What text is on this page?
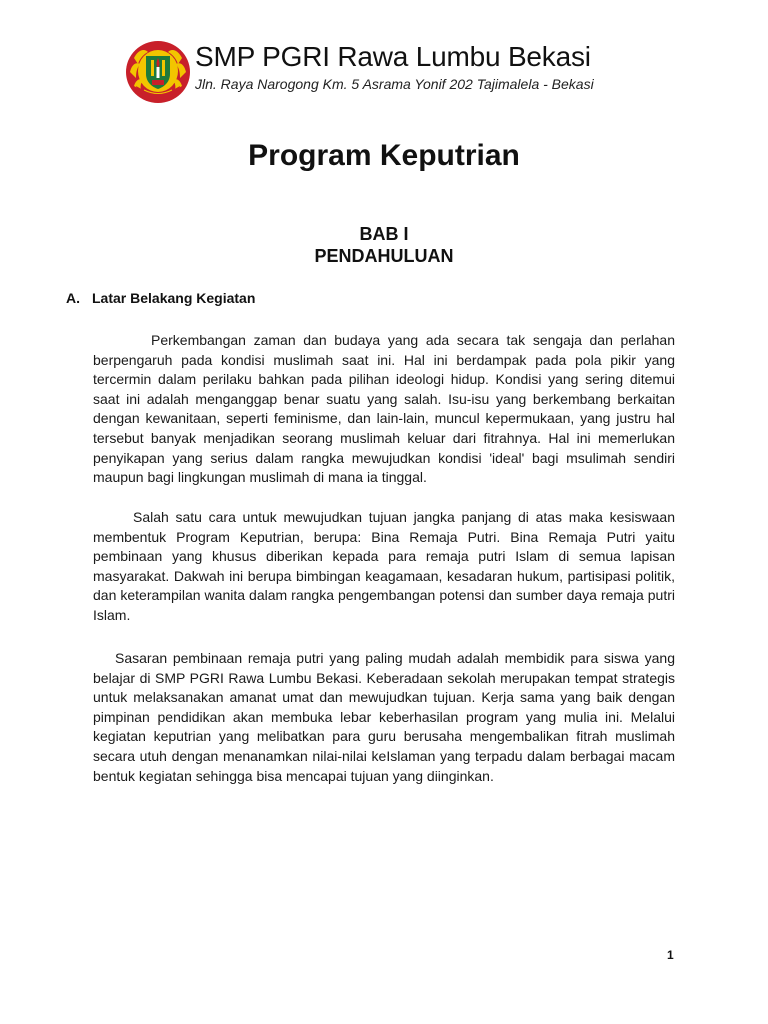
SMP PGRI Rawa Lumbu Bekasi
Jln. Raya Narogong Km. 5 Asrama Yonif 202 Tajimalela - Bekasi
Program Keputrian
BAB I
PENDAHULUAN
A. Latar Belakang Kegiatan

Perkembangan zaman dan budaya yang ada secara tak sengaja dan perlahan berpengaruh pada kondisi muslimah saat ini. Hal ini berdampak pada pola pikir yang tercermin dalam perilaku bahkan pada pilihan ideologi hidup. Kondisi yang sering ditemui saat ini adalah menganggap benar suatu yang salah. Isu-isu yang berkembang berkaitan dengan kewanitaan, seperti feminisme, dan lain-lain, muncul kepermukaan, yang justru hal tersebut banyak menjadikan seorang muslimah keluar dari fitrahnya. Hal ini memerlukan penyikapan yang serius dalam rangka mewujudkan kondisi 'ideal' bagi msulimah sendiri maupun bagi lingkungan muslimah di mana ia tinggal.

Salah satu cara untuk mewujudkan tujuan jangka panjang di atas maka kesiswaan membentuk Program Keputrian, berupa: Bina Remaja Putri. Bina Remaja Putri yaitu pembinaan yang khusus diberikan kepada para remaja putri Islam di semua lapisan masyarakat. Dakwah ini berupa bimbingan keagamaan, kesadaran hukum, partisipasi politik, dan keterampilan wanita dalam rangka pengembangan potensi dan sumber daya remaja putri Islam.

Sasaran pembinaan remaja putri yang paling mudah adalah membidik para siswa yang belajar di SMP PGRI Rawa Lumbu Bekasi. Keberadaan sekolah merupakan tempat strategis untuk melaksanakan amanat umat dan mewujudkan tujuan. Kerja sama yang baik dengan pimpinan pendidikan akan membuka lebar keberhasilan program yang mulia ini. Melalui kegiatan keputrian yang melibatkan para guru berusaha mengembalikan fitrah muslimah secara utuh dengan menanamkan nilai-nilai keIslaman yang terpadu dalam berbagai macam bentuk kegiatan sehingga bisa mencapai tujuan yang diinginkan.

1
